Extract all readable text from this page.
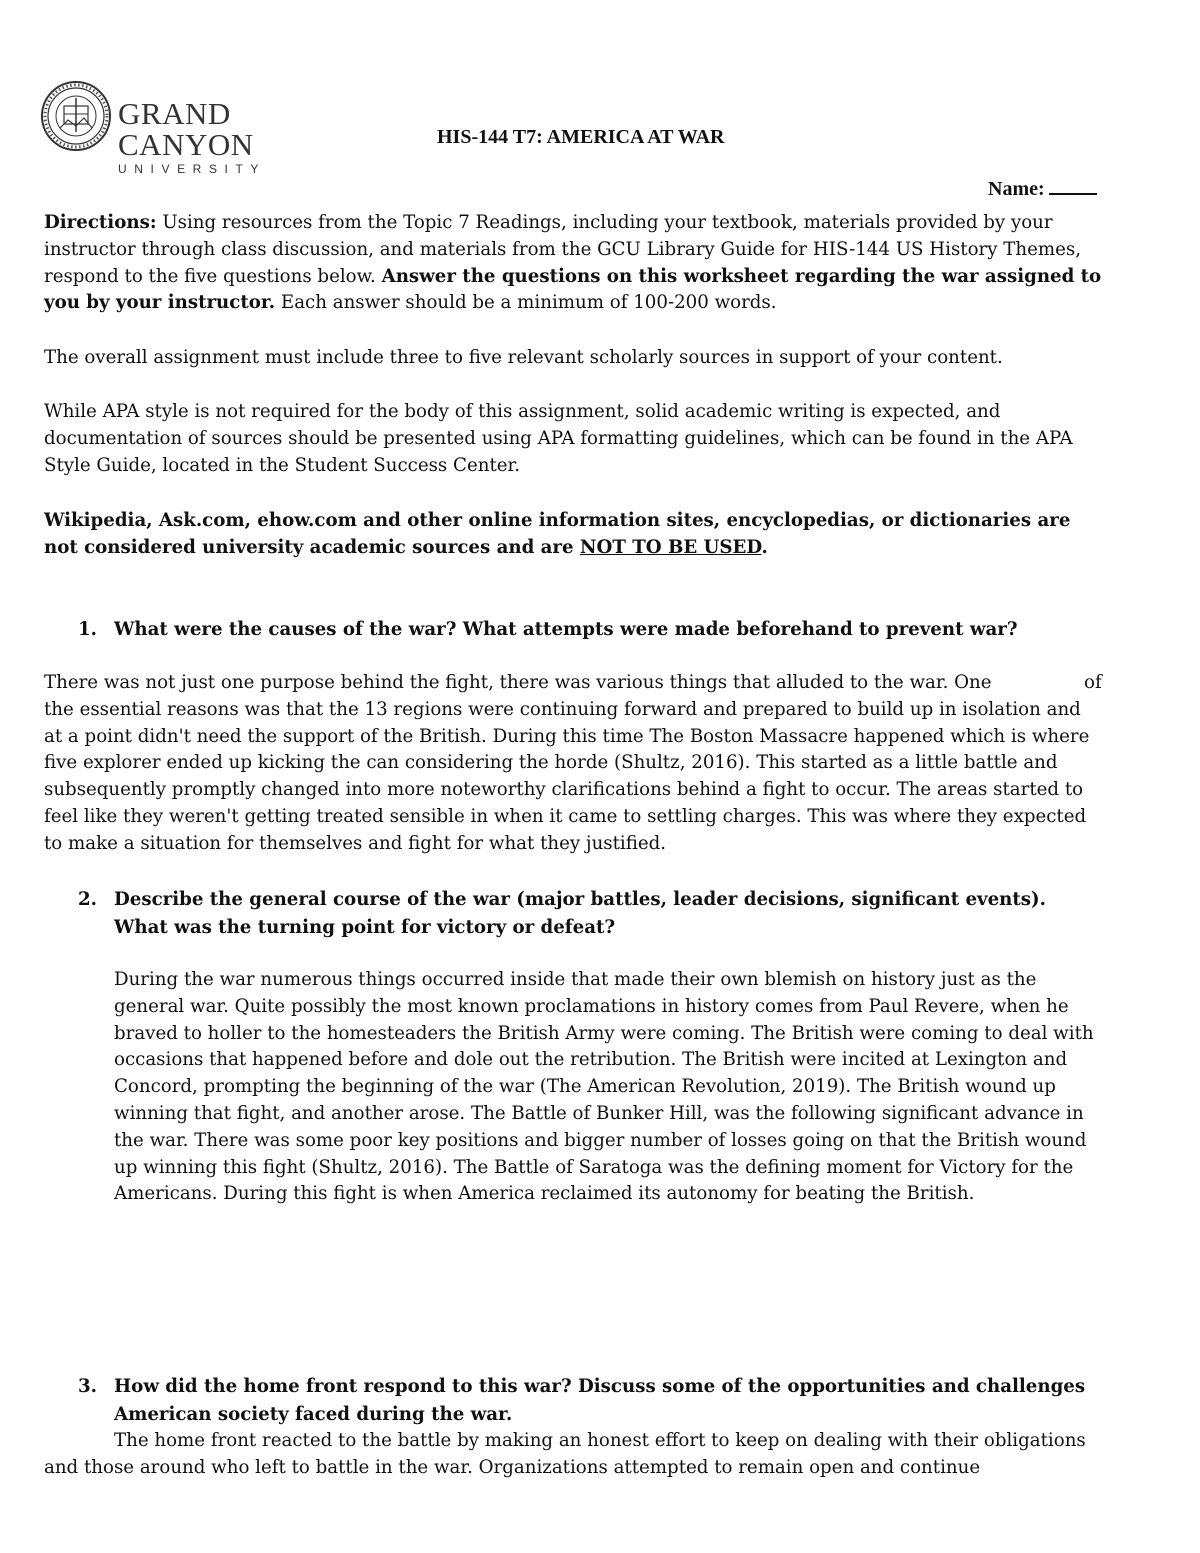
GRAND CANYON
UNIVERSITY
HIS-144 T7: AMERICA AT WAR
Name:

Directions: Using resources from the Topic 7 Readings, including your textbook, materials provided by your instructor through class discussion, and materials from the GCU Library Guide for HIS-144 US History Themes, respond to the five questions below. Answer the questions on this worksheet regarding the war assigned to you by your instructor. Each answer should be a minimum of 100-200 words.

The overall assignment must include three to five relevant scholarly sources in support of your content.

While APA style is not required for the body of this assignment, solid academic writing is expected, and documentation of sources should be presented using APA formatting guidelines, which can be found in the APA Style Guide, located in the Student Success Center.

Wikipedia, Ask.com, ehow.com and other online information sites, encyclopedias, or dictionaries are not considered university academic sources and are NOT TO BE USED.

1. What were the causes of the war? What attempts were made beforehand to prevent war?
There was not just one purpose behind the fight, there was various things that alluded to the war. One                of the essential reasons was that the 13 regions were continuing forward and prepared to build up in isolation and at a point didn't need the support of the British. During this time The Boston Massacre happened which is where five explorer ended up kicking the can considering the horde (Shultz, 2016). This started as a little battle and subsequently promptly changed into more noteworthy clarifications behind a fight to occur. The areas started to feel like they weren't getting treated sensible in when it came to settling charges. This was where they expected to make a situation for themselves and fight for what they justified.
2. Describe the general course of the war (major battles, leader decisions, significant events). What was the turning point for victory or defeat?
During the war numerous things occurred inside that made their own blemish on history just as the general war. Quite possibly the most known proclamations in history comes from Paul Revere, when he braved to holler to the homesteaders the British Army were coming. The British were coming to deal with occasions that happened before and dole out the retribution. The British were incited at Lexington and Concord, prompting the beginning of the war (The American Revolution, 2019). The British wound up winning that fight, and another arose. The Battle of Bunker Hill, was the following significant advance in the war. There was some poor key positions and bigger number of losses going on that the British wound up winning this fight (Shultz, 2016). The Battle of Saratoga was the defining moment for Victory for the Americans. During this fight is when America reclaimed its autonomy for beating the British.
3. How did the home front respond to this war? Discuss some of the opportunities and challenges American society faced during the war.
The home front reacted to the battle by making an honest effort to keep on dealing with their obligations and those around who left to battle in the war. Organizations attempted to remain open and continue
